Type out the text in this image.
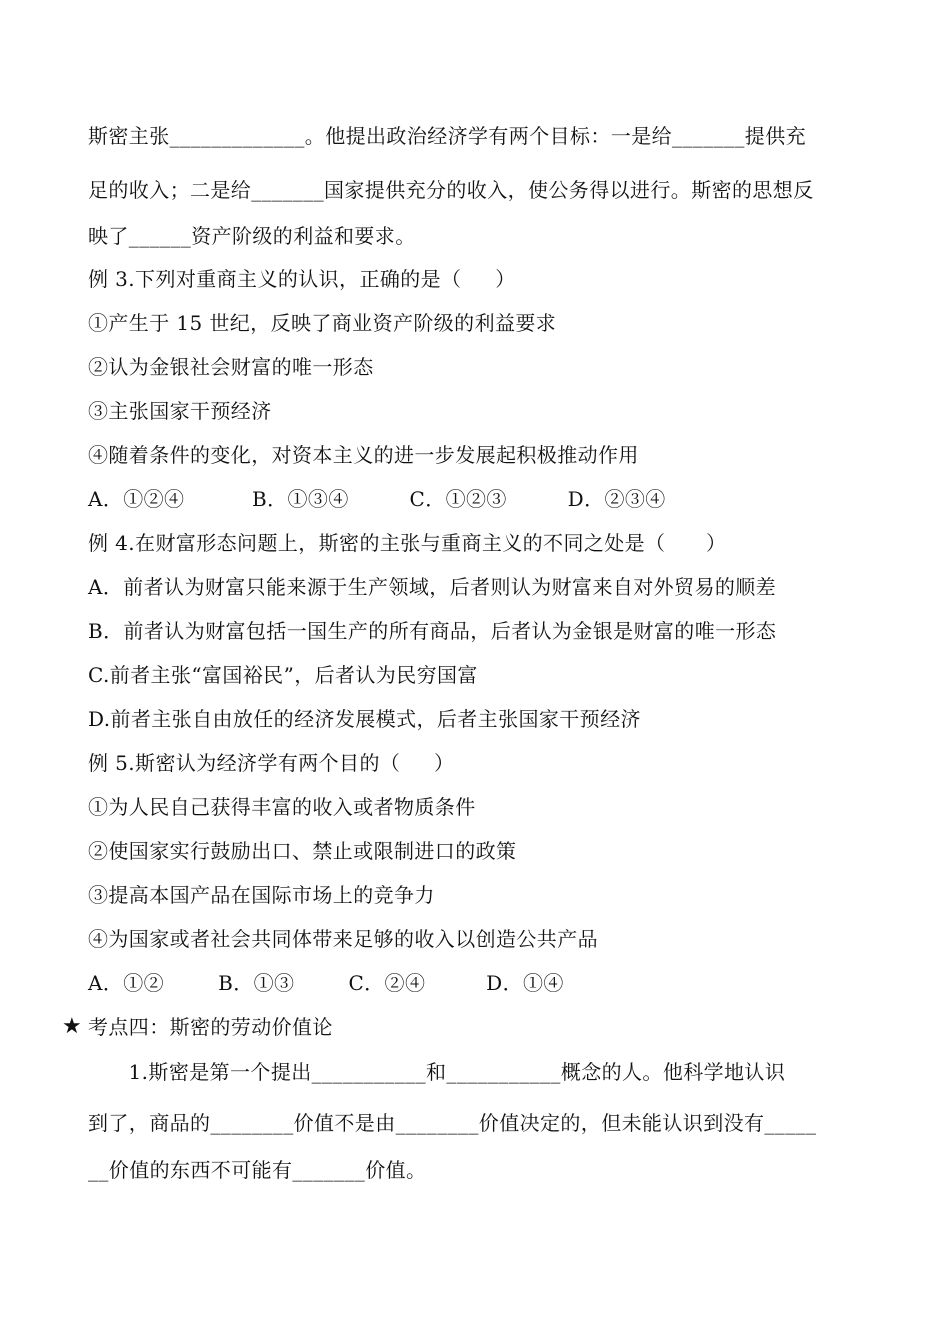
斯密主张_____________。他提出政治经济学有两个目标：一是给_______提供充
足的收入；二是给_______国家提供充分的收入，使公务得以进行。斯密的思想反
映了______资产阶级的利益和要求。
例 3.下列对重商主义的认识，正确的是（     ）
①产生于 15 世纪，反映了商业资产阶级的利益要求
②认为金银社会财富的唯一形态
③主张国家干预经济
④随着条件的变化，对资本主义的进一步发展起积极推动作用
A．①②④          B．①③④         C．①②③         D．②③④
例 4.在财富形态问题上，斯密的主张与重商主义的不同之处是（      ）
A．前者认为财富只能来源于生产领域，后者则认为财富来自对外贸易的顺差
B．前者认为财富包括一国生产的所有商品，后者认为金银是财富的唯一形态
C.前者主张“富国裕民”，后者认为民穷国富
D.前者主张自由放任的经济发展模式，后者主张国家干预经济
例 5.斯密认为经济学有两个目的（     ）
①为人民自己获得丰富的收入或者物质条件
②使国家实行鼓励出口、禁止或限制进口的政策
③提高本国产品在国际市场上的竞争力
④为国家或者社会共同体带来足够的收入以创造公共产品
A．①②        B．①③        C．②④         D．①④
★ 考点四：斯密的劳动价值论
1.斯密是第一个提出___________和___________概念的人。他科学地认识
到了，商品的________价值不是由________价值决定的，但未能认识到没有_____
__价值的东西不可能有_______价值。
